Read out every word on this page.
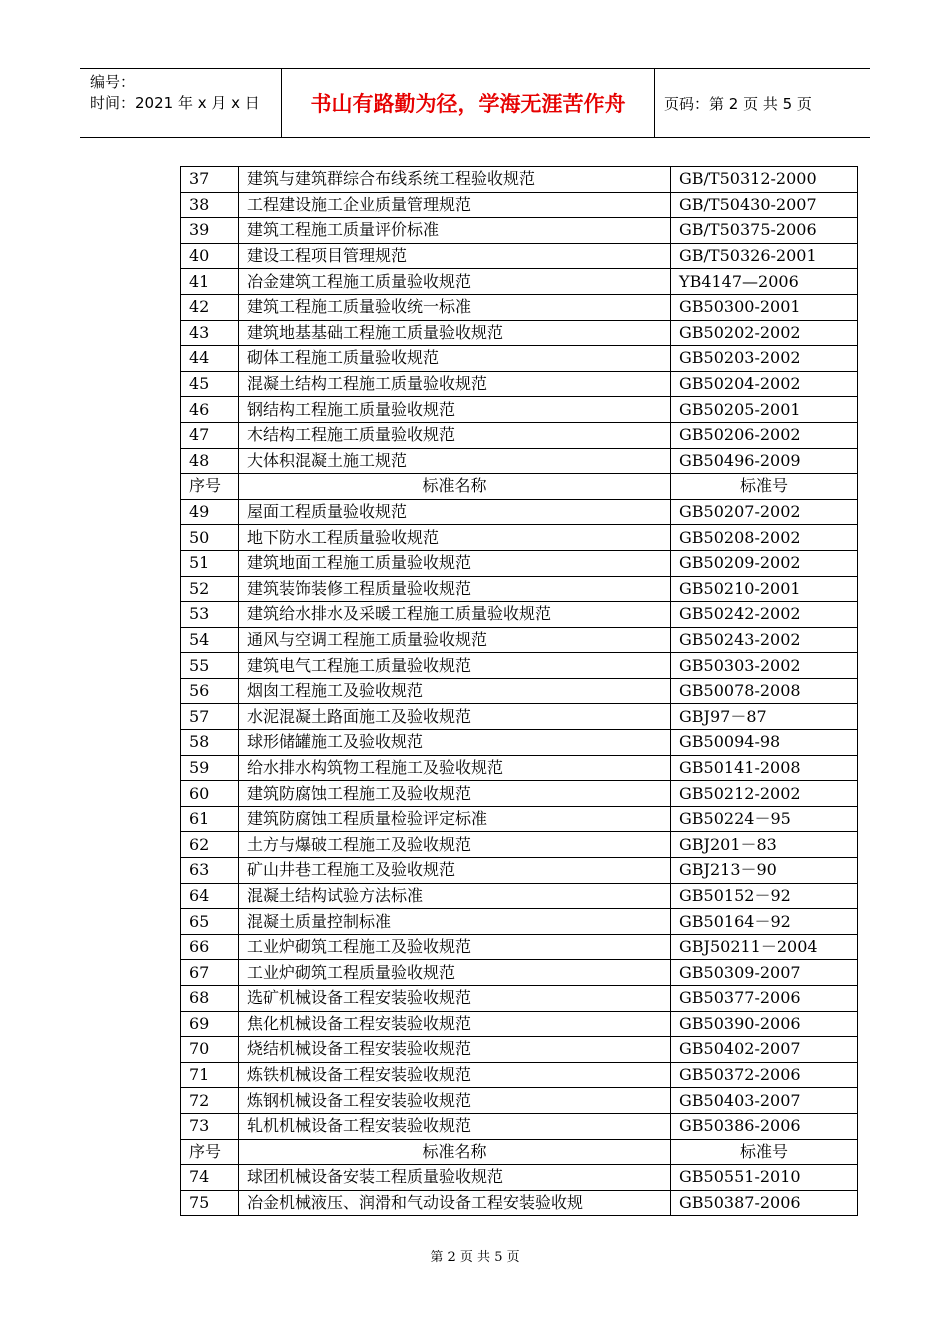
编号：
时间：2021 年 x 月 x 日	书山有路勤为径，学海无涯苦作舟	页码：第 2 页 共 5 页
37	建筑与建筑群综合布线系统工程验收规范	GB/T50312-2000
38	工程建设施工企业质量管理规范	GB/T50430-2007
39	建筑工程施工质量评价标准	GB/T50375-2006
40	建设工程项目管理规范	GB/T50326-2001
41	冶金建筑工程施工质量验收规范	YB4147—2006
42	建筑工程施工质量验收统一标准	GB50300-2001
43	建筑地基基础工程施工质量验收规范	GB50202-2002
44	砌体工程施工质量验收规范	GB50203-2002
45	混凝土结构工程施工质量验收规范	GB50204-2002
46	钢结构工程施工质量验收规范	GB50205-2001
47	木结构工程施工质量验收规范	GB50206-2002
48	大体积混凝土施工规范	GB50496-2009
序号	标准名称	标准号
49	屋面工程质量验收规范	GB50207-2002
50	地下防水工程质量验收规范	GB50208-2002
51	建筑地面工程施工质量验收规范	GB50209-2002
52	建筑装饰装修工程质量验收规范	GB50210-2001
53	建筑给水排水及采暖工程施工质量验收规范	GB50242-2002
54	通风与空调工程施工质量验收规范	GB50243-2002
55	建筑电气工程施工质量验收规范	GB50303-2002
56	烟囱工程施工及验收规范	GB50078-2008
57	水泥混凝土路面施工及验收规范	GBJ97－87
58	球形储罐施工及验收规范	GB50094-98
59	给水排水构筑物工程施工及验收规范	GB50141-2008
60	建筑防腐蚀工程施工及验收规范	GB50212-2002
61	建筑防腐蚀工程质量检验评定标准	GB50224－95
62	土方与爆破工程施工及验收规范	GBJ201－83
63	矿山井巷工程施工及验收规范	GBJ213－90
64	混凝土结构试验方法标准	GB50152－92
65	混凝土质量控制标准	GB50164－92
66	工业炉砌筑工程施工及验收规范	GBJ50211－2004
67	工业炉砌筑工程质量验收规范	GB50309-2007
68	选矿机械设备工程安装验收规范	GB50377-2006
69	焦化机械设备工程安装验收规范	GB50390-2006
70	烧结机械设备工程安装验收规范	GB50402-2007
71	炼铁机械设备工程安装验收规范	GB50372-2006
72	炼钢机械设备工程安装验收规范	GB50403-2007
73	轧机机械设备工程安装验收规范	GB50386-2006
序号	标准名称	标准号
74	球团机械设备安装工程质量验收规范	GB50551-2010
75	冶金机械液压、润滑和气动设备工程安装验收规	GB50387-2006
第 2 页 共 5 页
